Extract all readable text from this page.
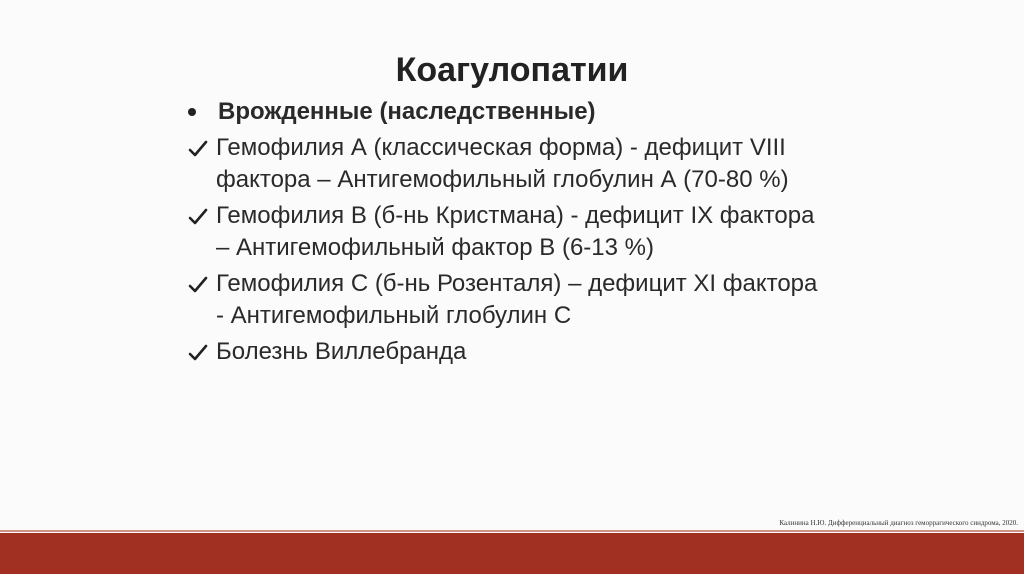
Коагулопатии
Врожденные (наследственные)
Гемофилия А (классическая форма) - дефицит VIII фактора – Антигемофильный глобулин А (70-80 %)
Гемофилия В (б-нь Кристмана) - дефицит IX фактора – Антигемофильный фактор В (6-13 %)
Гемофилия С (б-нь Розенталя) – дефицит XI фактора - Антигемофильный глобулин С
Болезнь Виллебранда
Калинина Н.Ю. Дифференциальный диагноз геморрагического синдрома, 2020.
